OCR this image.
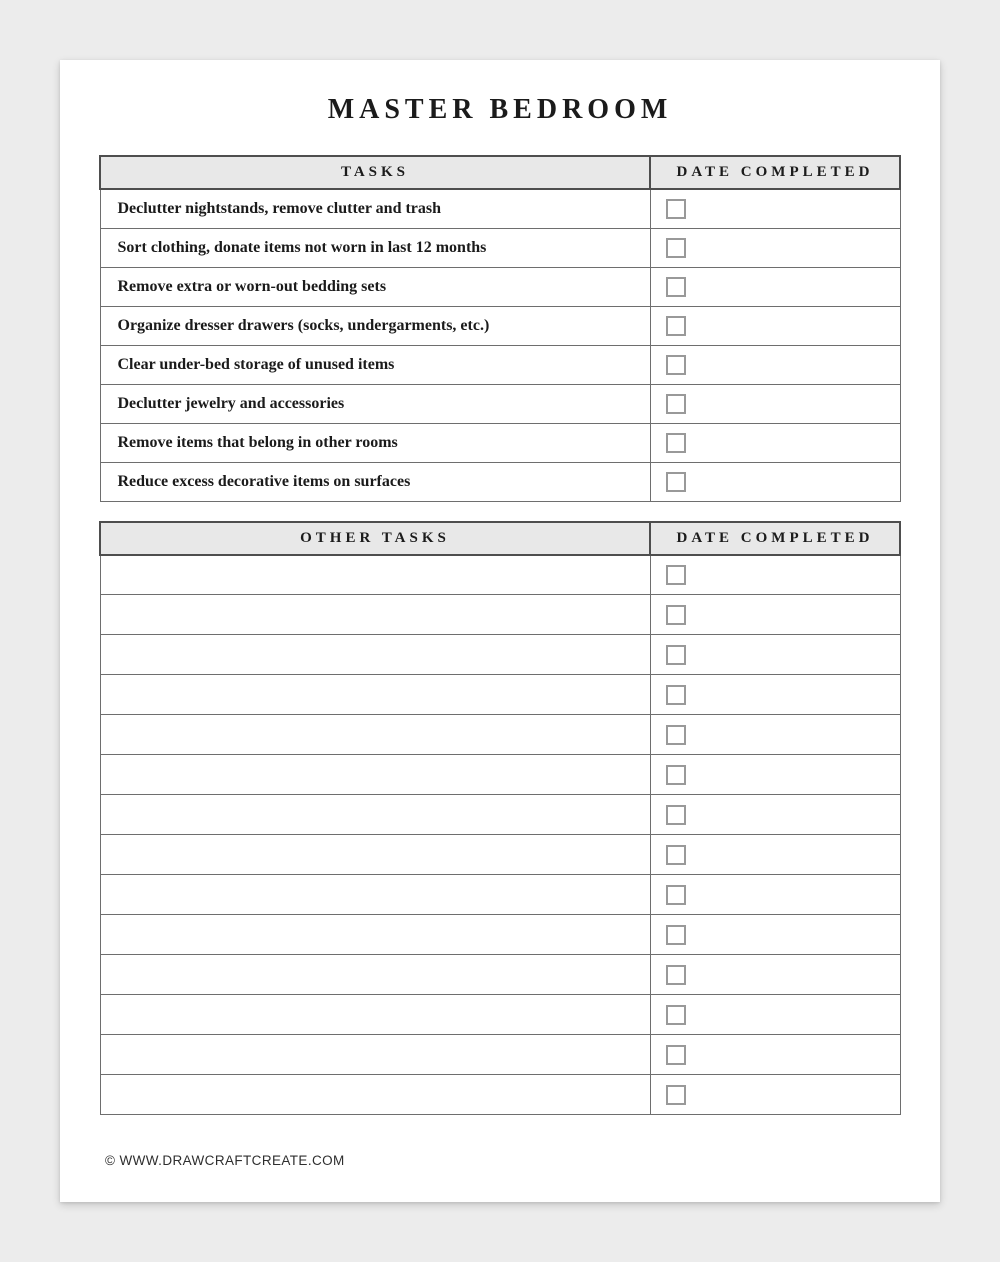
MASTER BEDROOM
TASKS	DATE COMPLETED
Declutter nightstands, remove clutter and trash	
Sort clothing, donate items not worn in last 12 months	
Remove extra or worn-out bedding sets	
Organize dresser drawers (socks, undergarments, etc.)	
Clear under-bed storage of unused items	
Declutter jewelry and accessories	
Remove items that belong in other rooms	
Reduce excess decorative items on surfaces	
OTHER TASKS	DATE COMPLETED

© WWW.DRAWCRAFTCREATE.COM
